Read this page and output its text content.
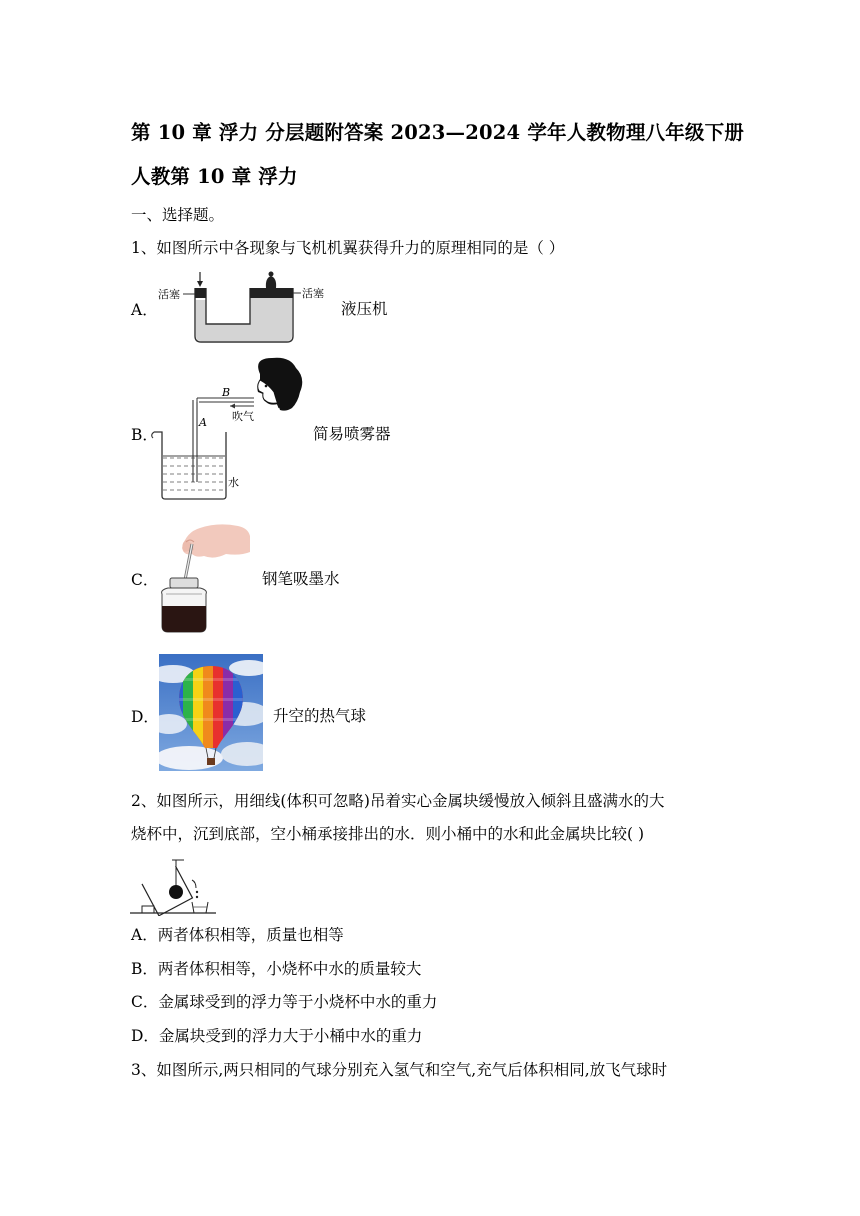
第 10 章 浮力 分层题附答案 2023—2024 学年人教物理八年级下册
人教第 10 章 浮力
一、选择题。
1、如图所示中各现象与飞机机翼获得升力的原理相同的是（ ）
A．
活塞	活塞
液压机
B．
B
吹气
A
水
简易喷雾器
C．	钢笔吸墨水
D．	升空的热气球
2、如图所示，用细线(体积可忽略)吊着实心金属块缓慢放入倾斜且盛满水的大
烧杯中，沉到底部，空小桶承接排出的水．则小桶中的水和此金属块比较( )
A．两者体积相等，质量也相等
B．两者体积相等，小烧杯中水的质量较大
C．金属球受到的浮力等于小烧杯中水的重力
D．金属块受到的浮力大于小桶中水的重力
3、如图所示,两只相同的气球分别充入氢气和空气,充气后体积相同,放飞气球时
